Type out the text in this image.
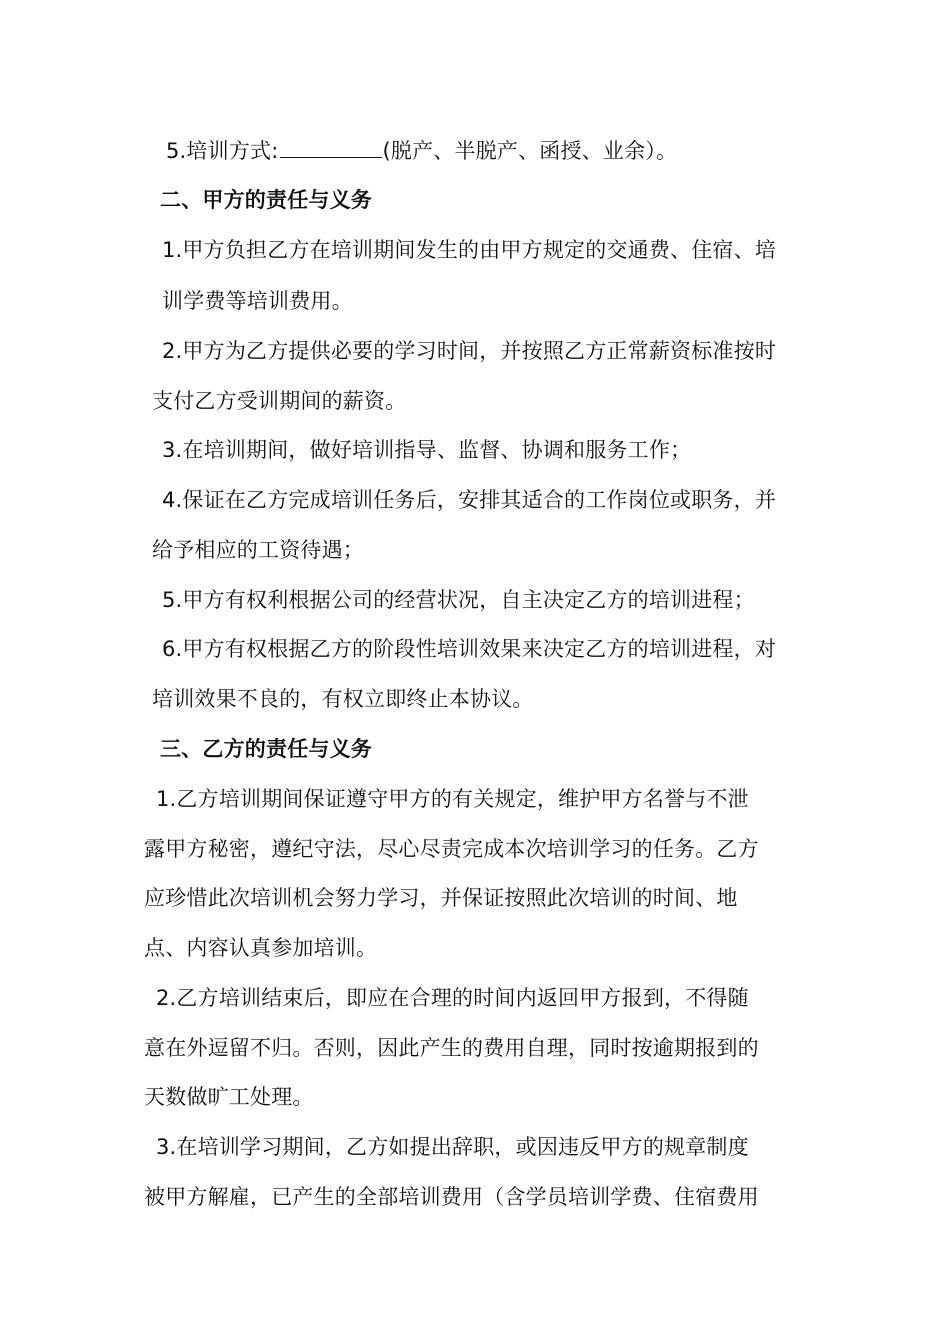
5.培训方式:	(脱产、半脱产、函授、业余）。
二、甲方的责任与义务
1.甲方负担乙方在培训期间发生的由甲方规定的交通费、住宿、培
训学费等培训费用。
2.甲方为乙方提供必要的学习时间，并按照乙方正常薪资标准按时
支付乙方受训期间的薪资。
3.在培训期间，做好培训指导、监督、协调和服务工作；
4.保证在乙方完成培训任务后，安排其适合的工作岗位或职务，并
给予相应的工资待遇；
5.甲方有权利根据公司的经营状况，自主决定乙方的培训进程；
6.甲方有权根据乙方的阶段性培训效果来决定乙方的培训进程，对
培训效果不良的，有权立即终止本协议。
三、乙方的责任与义务
1.乙方培训期间保证遵守甲方的有关规定，维护甲方名誉与不泄
露甲方秘密，遵纪守法，尽心尽责完成本次培训学习的任务。乙方
应珍惜此次培训机会努力学习，并保证按照此次培训的时间、地
点、内容认真参加培训。
2.乙方培训结束后，即应在合理的时间内返回甲方报到，不得随
意在外逗留不归。否则，因此产生的费用自理，同时按逾期报到的
天数做旷工处理。
3.在培训学习期间，乙方如提出辞职，或因违反甲方的规章制度
被甲方解雇，已产生的全部培训费用（含学员培训学费、住宿费用
